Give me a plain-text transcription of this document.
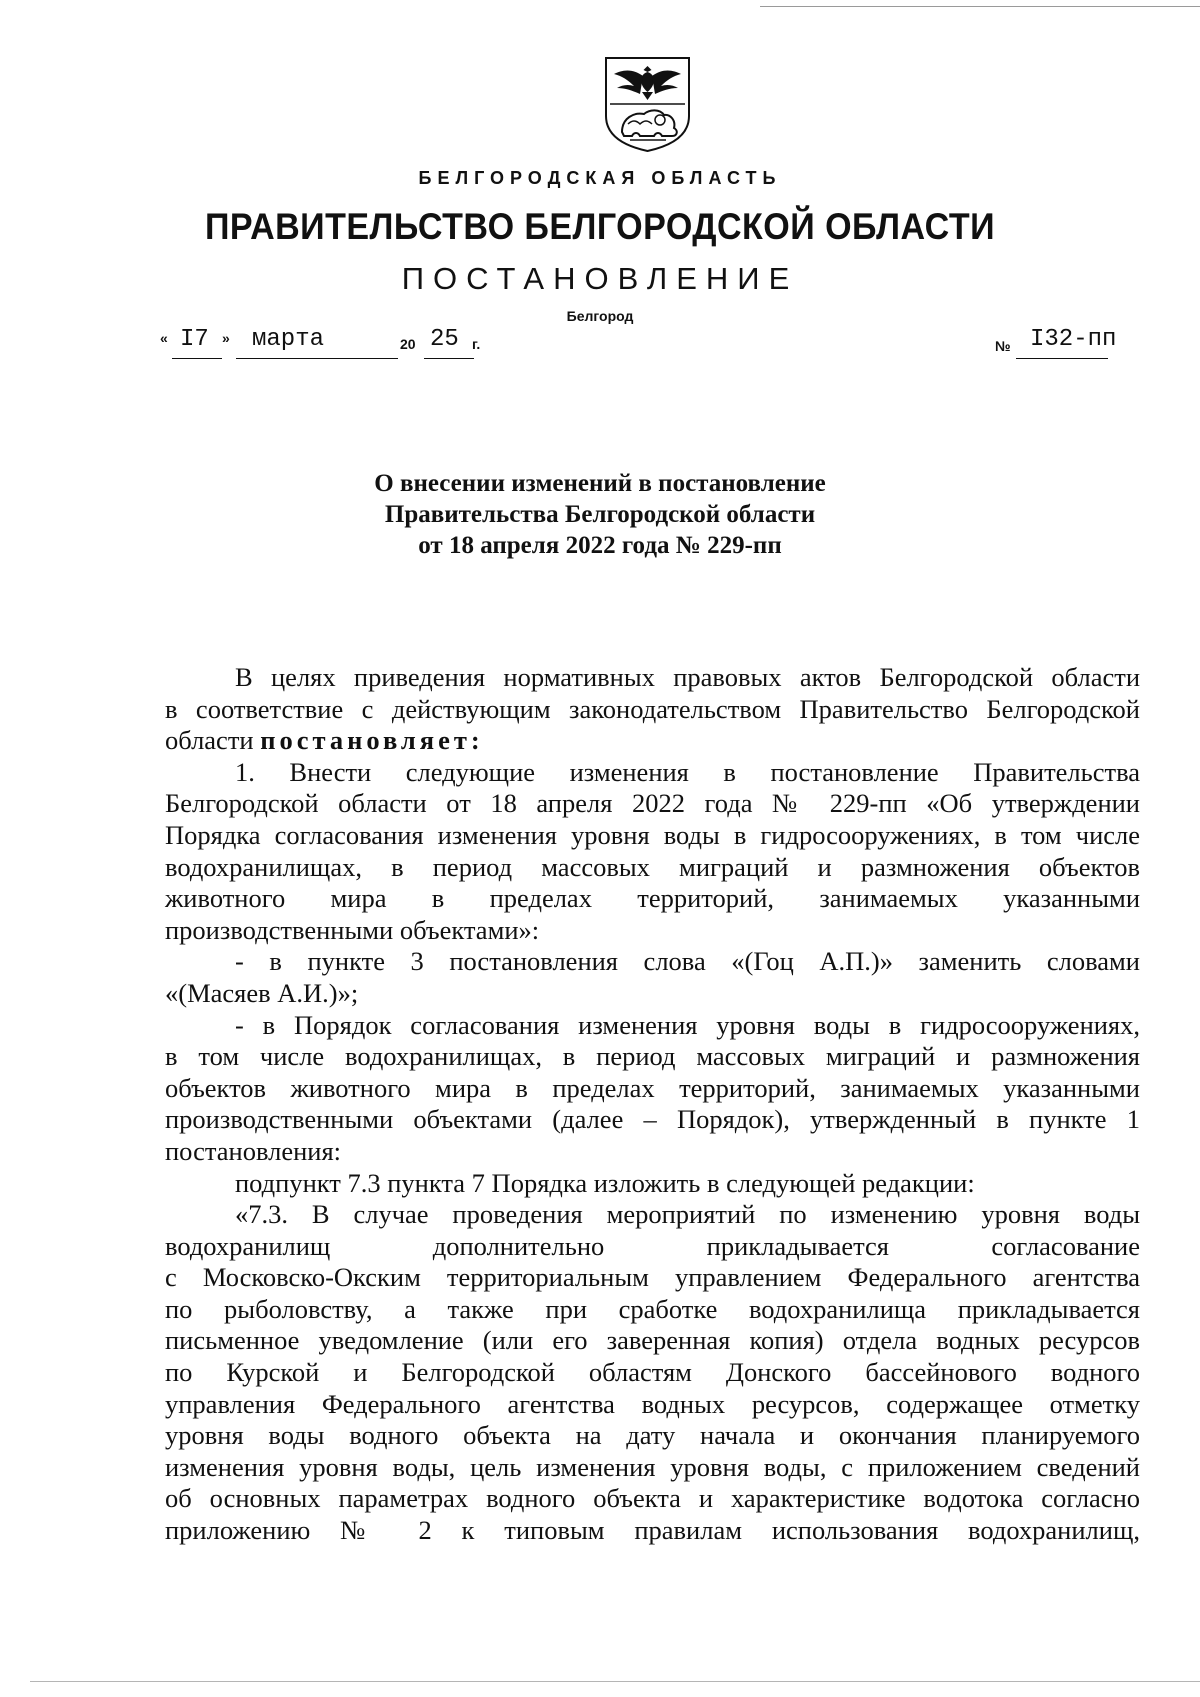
БЕЛГОРОДСКАЯ ОБЛАСТЬ
ПРАВИТЕЛЬСТВО БЕЛГОРОДСКОЙ ОБЛАСТИ
ПОСТАНОВЛЕНИЕ
Белгород
« I7 » марта	20 25 г.	№ I32-пп
О внесении изменений в постановление
Правительства Белгородской области
от 18 апреля 2022 года № 229-пп
В целях приведения нормативных правовых актов Белгородской области
в соответствие с действующим законодательством Правительство Белгородской
области постановляет:
1. Внести следующие изменения в постановление Правительства
Белгородской области от 18 апреля 2022 года № 229-пп «Об утверждении
Порядка согласования изменения уровня воды в гидросооружениях, в том числе
водохранилищах, в период массовых миграций и размножения объектов
животного мира в пределах территорий, занимаемых указанными
производственными объектами»:
- в пункте 3 постановления слова «(Гоц А.П.)» заменить словами
«(Масяев А.И.)»;
- в Порядок согласования изменения уровня воды в гидросооружениях,
в том числе водохранилищах, в период массовых миграций и размножения
объектов животного мира в пределах территорий, занимаемых указанными
производственными объектами (далее – Порядок), утвержденный в пункте 1
постановления:
подпункт 7.3 пункта 7 Порядка изложить в следующей редакции:
«7.3. В случае проведения мероприятий по изменению уровня воды
водохранилищ дополнительно прикладывается согласование
с Московско-Окским территориальным управлением Федерального агентства
по рыболовству, а также при сработке водохранилища прикладывается
письменное уведомление (или его заверенная копия) отдела водных ресурсов
по Курской и Белгородской областям Донского бассейнового водного
управления Федерального агентства водных ресурсов, содержащее отметку
уровня воды водного объекта на дату начала и окончания планируемого
изменения уровня воды, цель изменения уровня воды, с приложением сведений
об основных параметрах водного объекта и характеристике водотока согласно
приложению № 2 к типовым правилам использования водохранилищ,
